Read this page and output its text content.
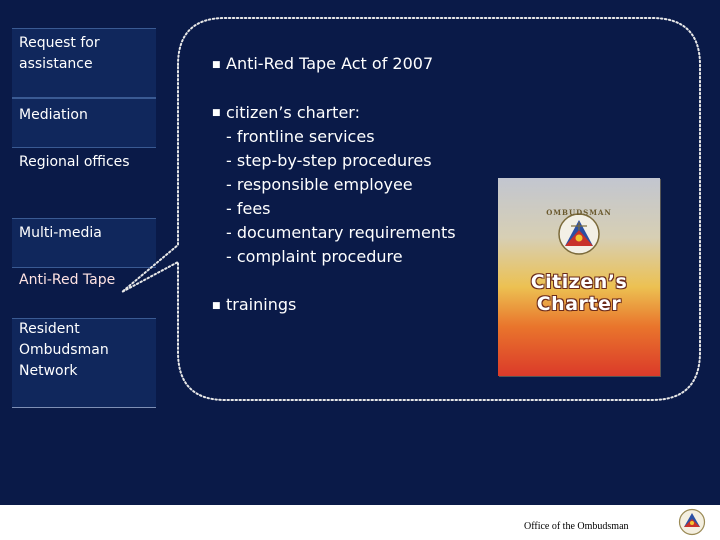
Request for
assistance
Mediation
Regional offices
Multi-media
Anti-Red Tape
Resident
Ombudsman
Network
■ Anti-Red Tape Act of 2007
■ citizen’s charter:
- frontline services
- step-by-step procedures
- responsible employee
- fees
- documentary requirements
- complaint procedure
■ trainings
OMBUDSMAN
Citizen’s
Charter
Office of the Ombudsman
